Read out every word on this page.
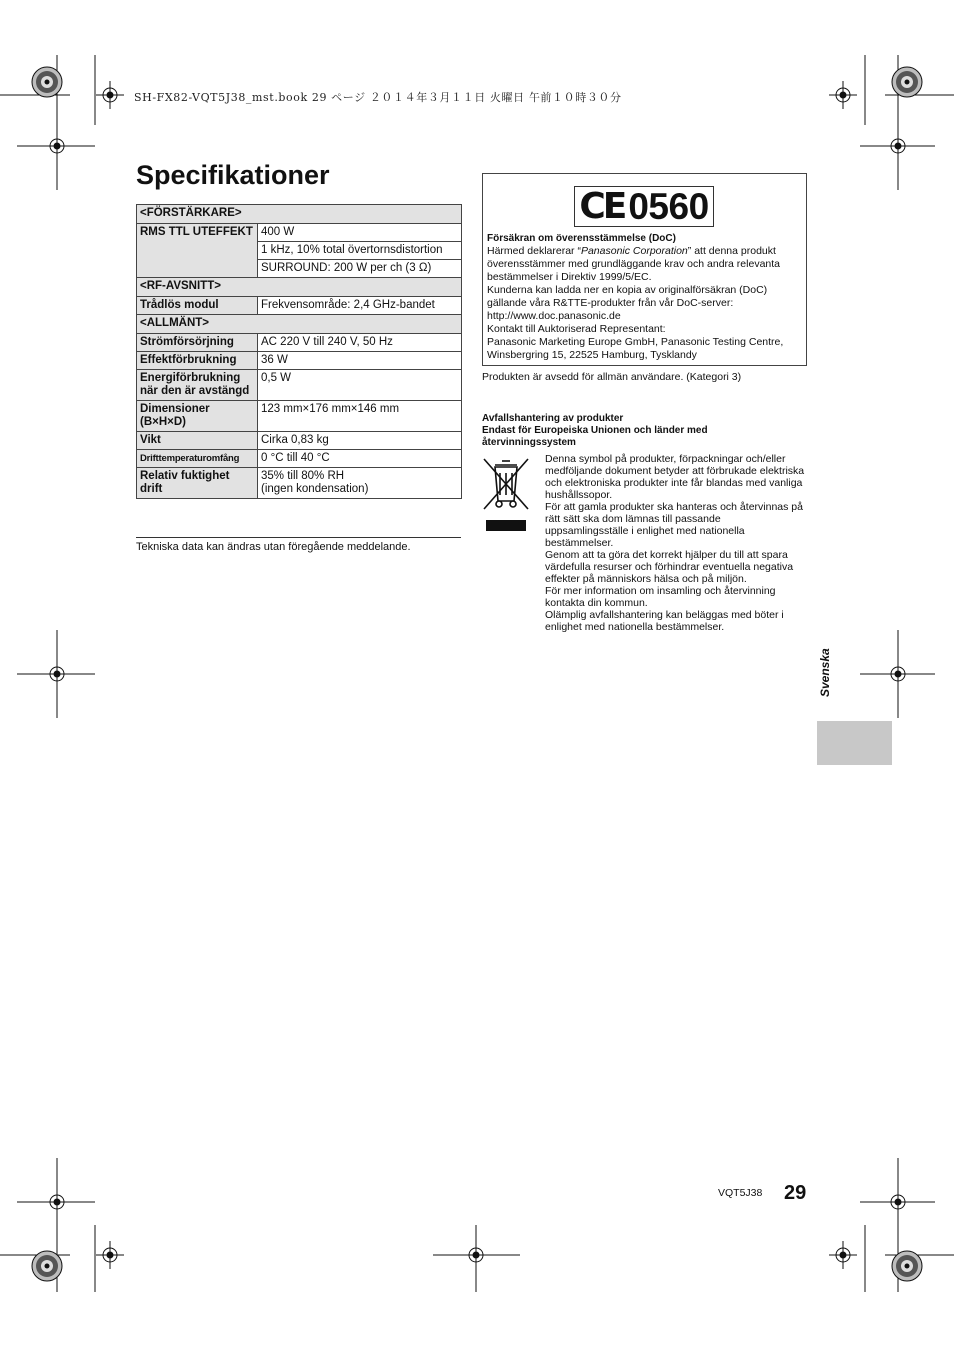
SH-FX82-VQT5J38_mst.book 29 ページ ２０１４年３月１１日 火曜日 午前１０時３０分
Specifikationer
<FÖRSTÄRKARE>	
RMS TTL UTEFFEKT	400 W
	1 kHz, 10% total övertornsdistortion
	SURROUND: 200 W per ch (3 Ω)
<RF-AVSNITT>	
Trådlös modul	Frekvensområde: 2,4 GHz-bandet
<ALLMÄNT>	
Strömförsörjning	AC 220 V till 240 V, 50 Hz
Effektförbrukning	36 W
Energiförbrukning när den är avstängd	0,5 W
Dimensioner (B×H×D)	123 mm×176 mm×146 mm
Vikt	Cirka 0,83 kg
Drifttemperaturomfång	0 °C till 40 °C
Relativ fuktighet drift	35% till 80% RH
(ingen kondensation)
Tekniska data kan ändras utan föregående meddelande.
CE 0560

Försäkran om överensstämmelse (DoC)

Härmed deklarerar “Panasonic Corporation” att denna produkt överensstämmer med grundläggande krav och andra relevanta bestämmelser i Direktiv 1999/5/EC.

Kunderna kan ladda ner en kopia av originalförsäkran (DoC) gällande våra R&TTE-produkter från vår DoC-server:

http://www.doc.panasonic.de

Kontakt till Auktoriserad Representant:

Panasonic Marketing Europe GmbH, Panasonic Testing Centre, Winsbergring 15, 22525 Hamburg, Tysklandy

Produkten är avsedd för allmän användare. (Kategori 3)
Avfallshantering av produkter
Endast för Europeiska Unionen och länder med återvinningssystem

Denna symbol på produkter, förpackningar och/eller medföljande dokument betyder att förbrukade elektriska och elektroniska produkter inte får blandas med vanliga hushållssopor.

För att gamla produkter ska hanteras och återvinnas på rätt sätt ska dom lämnas till passande uppsamlingsställe i enlighet med nationella bestämmelser.

Genom att ta göra det korrekt hjälper du till att spara värdefulla resurser och förhindrar eventuella negativa effekter på människors hälsa och på miljön.

För mer information om insamling och återvinning kontakta din kommun.

Olämplig avfallshantering kan beläggas med böter i enlighet med nationella bestämmelser.

Svenska
VQT5J38 29
